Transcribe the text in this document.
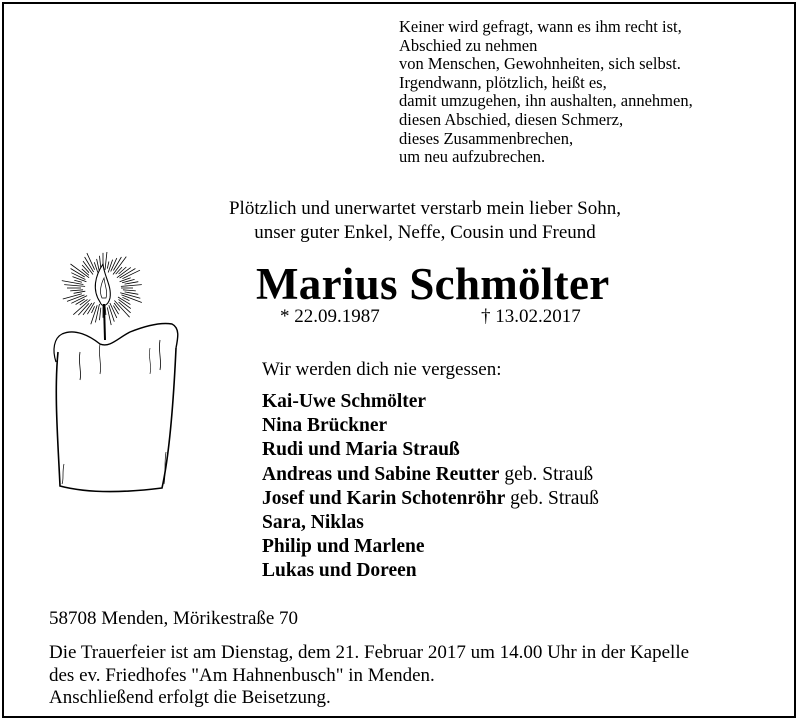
Keiner wird gefragt, wann es ihm recht ist,
Abschied zu nehmen
von Menschen, Gewohnheiten, sich selbst.
Irgendwann, plötzlich, heißt es,
damit umzugehen, ihn aushalten, annehmen,
diesen Abschied, diesen Schmerz,
dieses Zusammenbrechen,
um neu aufzubrechen.
Plötzlich und unerwartet verstarb mein lieber Sohn,
unser guter Enkel, Neffe, Cousin und Freund
Marius Schmölter
* 22.09.1987	† 13.02.2017
Wir werden dich nie vergessen:
Kai-Uwe Schmölter
Nina Brückner
Rudi und Maria Strauß
Andreas und Sabine Reutter geb. Strauß
Josef und Karin Schotenröhr geb. Strauß
Sara, Niklas
Philip und Marlene
Lukas und Doreen
58708 Menden, Mörikestraße 70
Die Trauerfeier ist am Dienstag, dem 21. Februar 2017 um 14.00 Uhr in der Kapelle
des ev. Friedhofes "Am Hahnenbusch" in Menden.
Anschließend erfolgt die Beisetzung.
